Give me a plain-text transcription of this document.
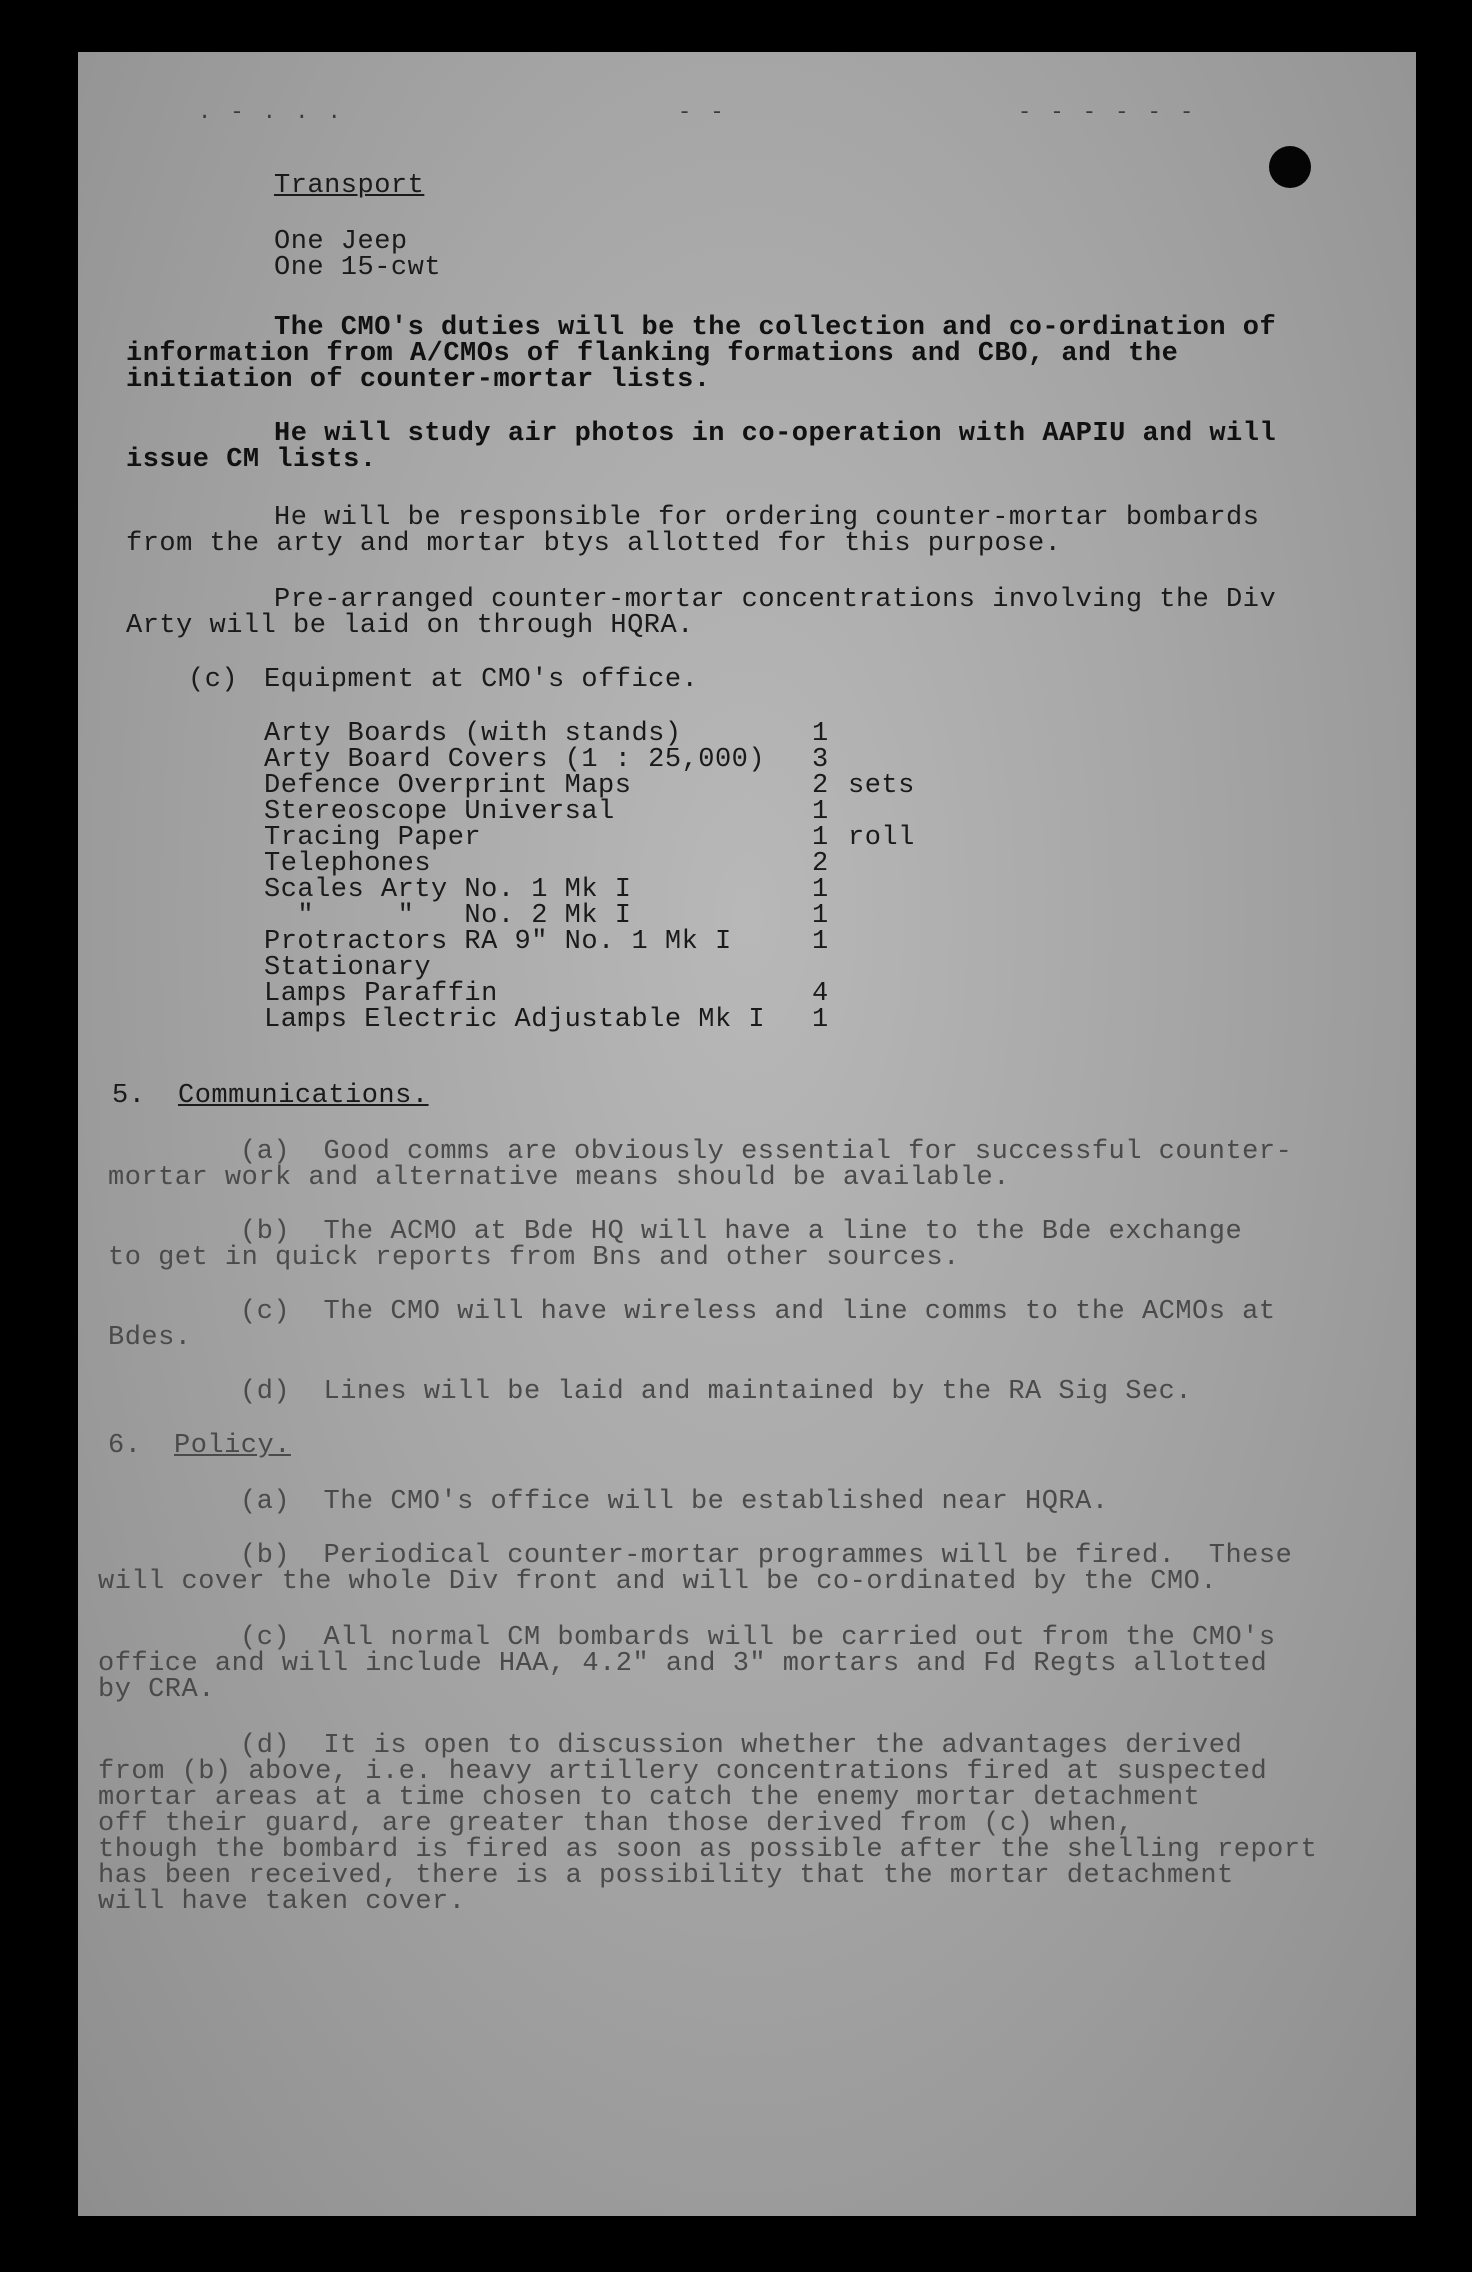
. - . . .	- -	- - - - - -
Transport
One Jeep
One 15-cwt
The CMO's duties will be the collection and co-ordination of
information from A/CMOs of flanking formations and CBO, and the
initiation of counter-mortar lists.
He will study air photos in co-operation with AAPIU and will
issue CM lists.
He will be responsible for ordering counter-mortar bombards
from the arty and mortar btys allotted for this purpose.
Pre-arranged counter-mortar concentrations involving the Div
Arty will be laid on through HQRA.
(c) Equipment at CMO's office.
Arty Boards (with stands)	1
Arty Board Covers (1 : 25,000) 3
Defence Overprint Maps	2 sets
Stereoscope Universal	1
Tracing Paper	1 roll
Telephones	2
Scales Arty No. 1 Mk I	1
"     "   No. 2 Mk I	1
Protractors RA 9" No. 1 Mk I	1
Stationary
Lamps Paraffin	4
Lamps Electric Adjustable Mk I 1
5. Communications.
(a)  Good comms are obviously essential for successful counter-
mortar work and alternative means should be available.
(b)  The ACMO at Bde HQ will have a line to the Bde exchange
to get in quick reports from Bns and other sources.
(c)  The CMO will have wireless and line comms to the ACMOs at
Bdes.
(d)  Lines will be laid and maintained by the RA Sig Sec.
6. Policy.
(a)  The CMO's office will be established near HQRA.
(b)  Periodical counter-mortar programmes will be fired.  These
will cover the whole Div front and will be co-ordinated by the CMO.
(c)  All normal CM bombards will be carried out from the CMO's
office and will include HAA, 4.2" and 3" mortars and Fd Regts allotted
by CRA.
(d)  It is open to discussion whether the advantages derived
from (b) above, i.e. heavy artillery concentrations fired at suspected
mortar areas at a time chosen to catch the enemy mortar detachment
off their guard, are greater than those derived from (c) when,
though the bombard is fired as soon as possible after the shelling report
has been received, there is a possibility that the mortar detachment
will have taken cover.
